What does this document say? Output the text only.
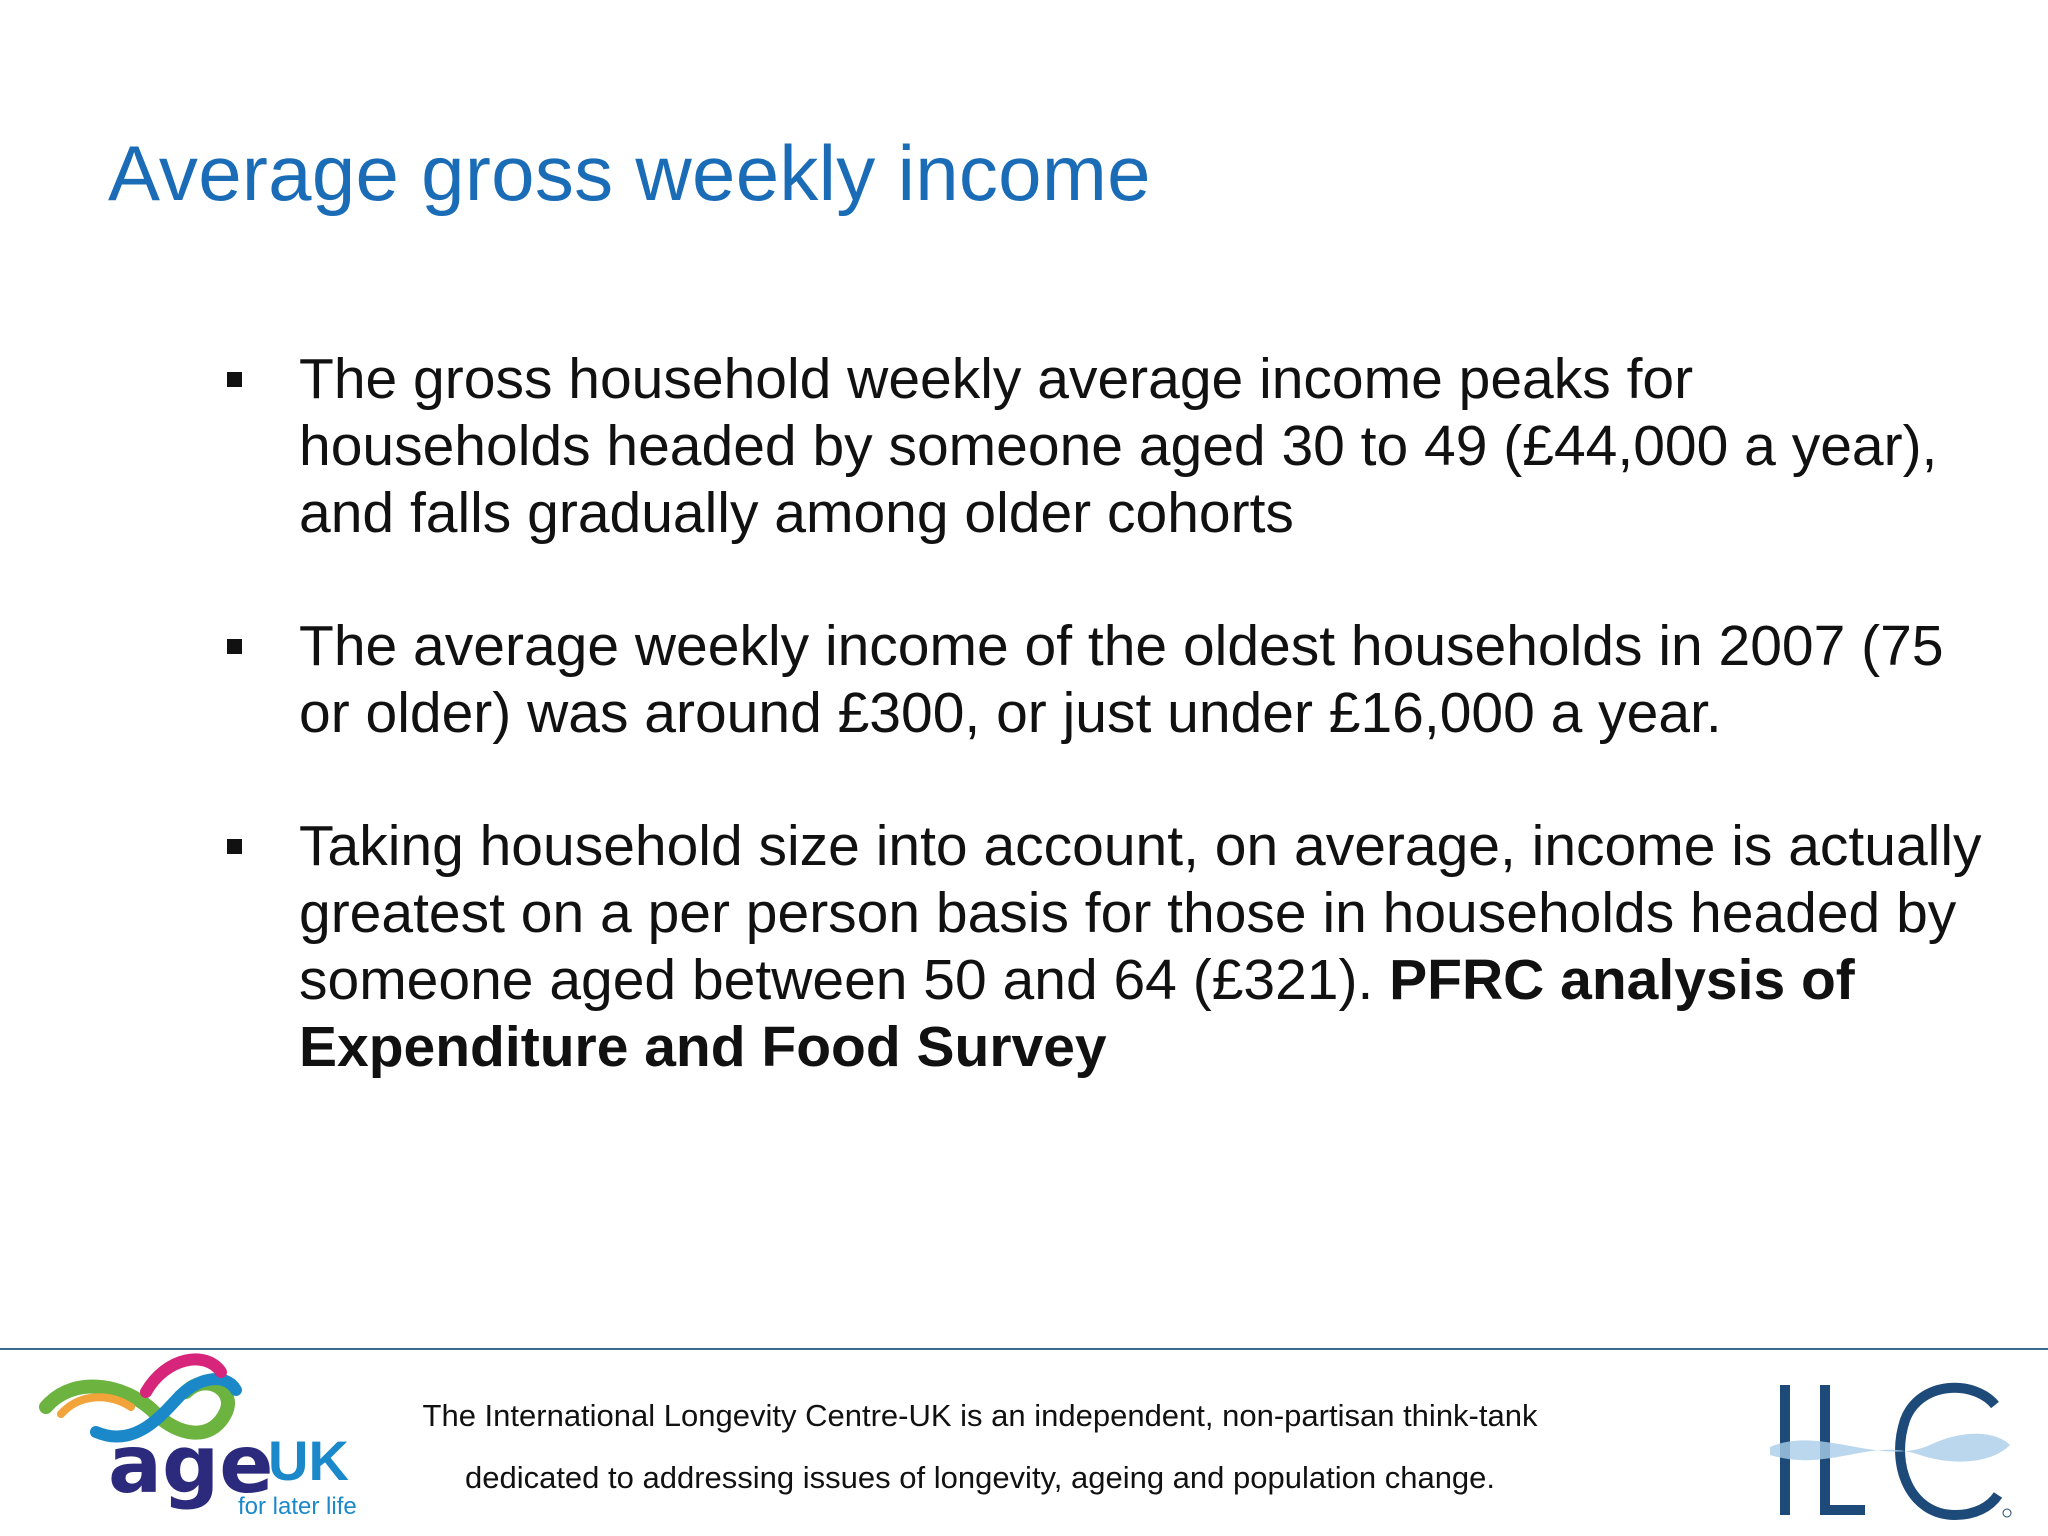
Average gross weekly income
The gross household weekly average income peaks for households headed by someone aged 30 to 49 (£44,000 a year), and falls gradually among older cohorts
The average weekly income of the oldest households in 2007 (75 or older) was around £300, or just under £16,000 a year.
Taking household size into account, on average, income is actually greatest on a per person basis for those in households headed by someone aged between 50 and 64 (£321). PFRC analysis of Expenditure and Food Survey
age
UK
for later life
The International Longevity Centre-UK is an independent, non-partisan think-tank
dedicated to addressing issues of longevity, ageing and population change.
